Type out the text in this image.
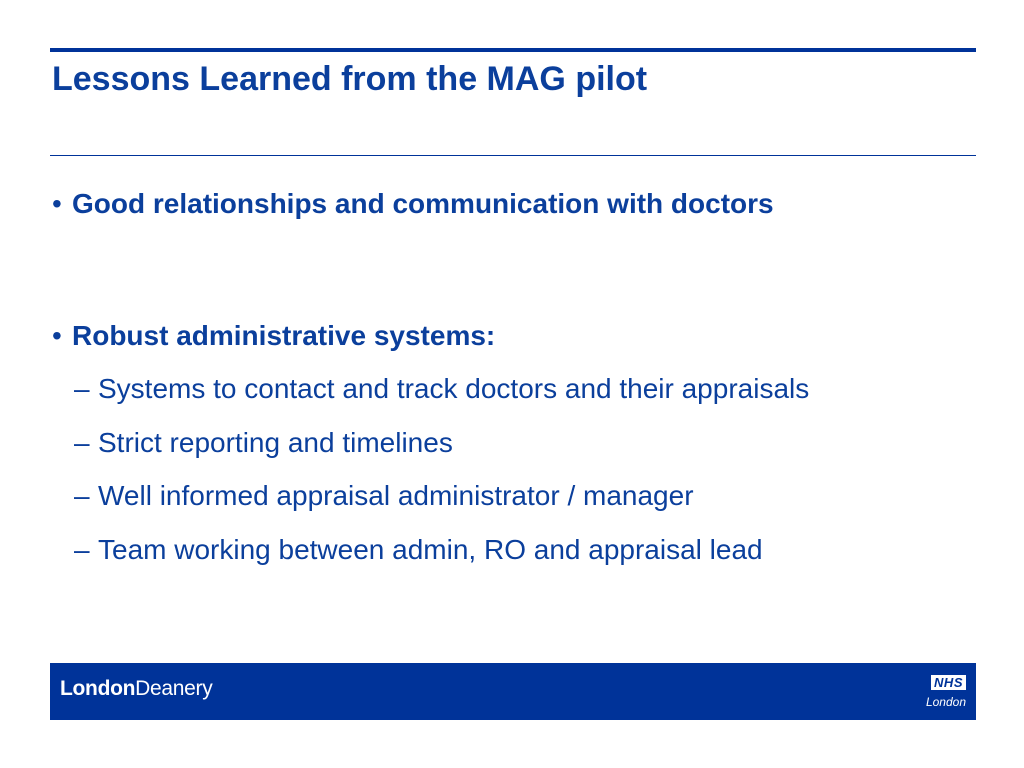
Lessons Learned from the MAG pilot
• Good relationships and communication with doctors
• Robust administrative systems:
– Systems to contact and track doctors and their appraisals
– Strict reporting and timelines
– Well informed appraisal administrator / manager
– Team working between admin, RO and appraisal lead
LondonDeanery	NHS
London
